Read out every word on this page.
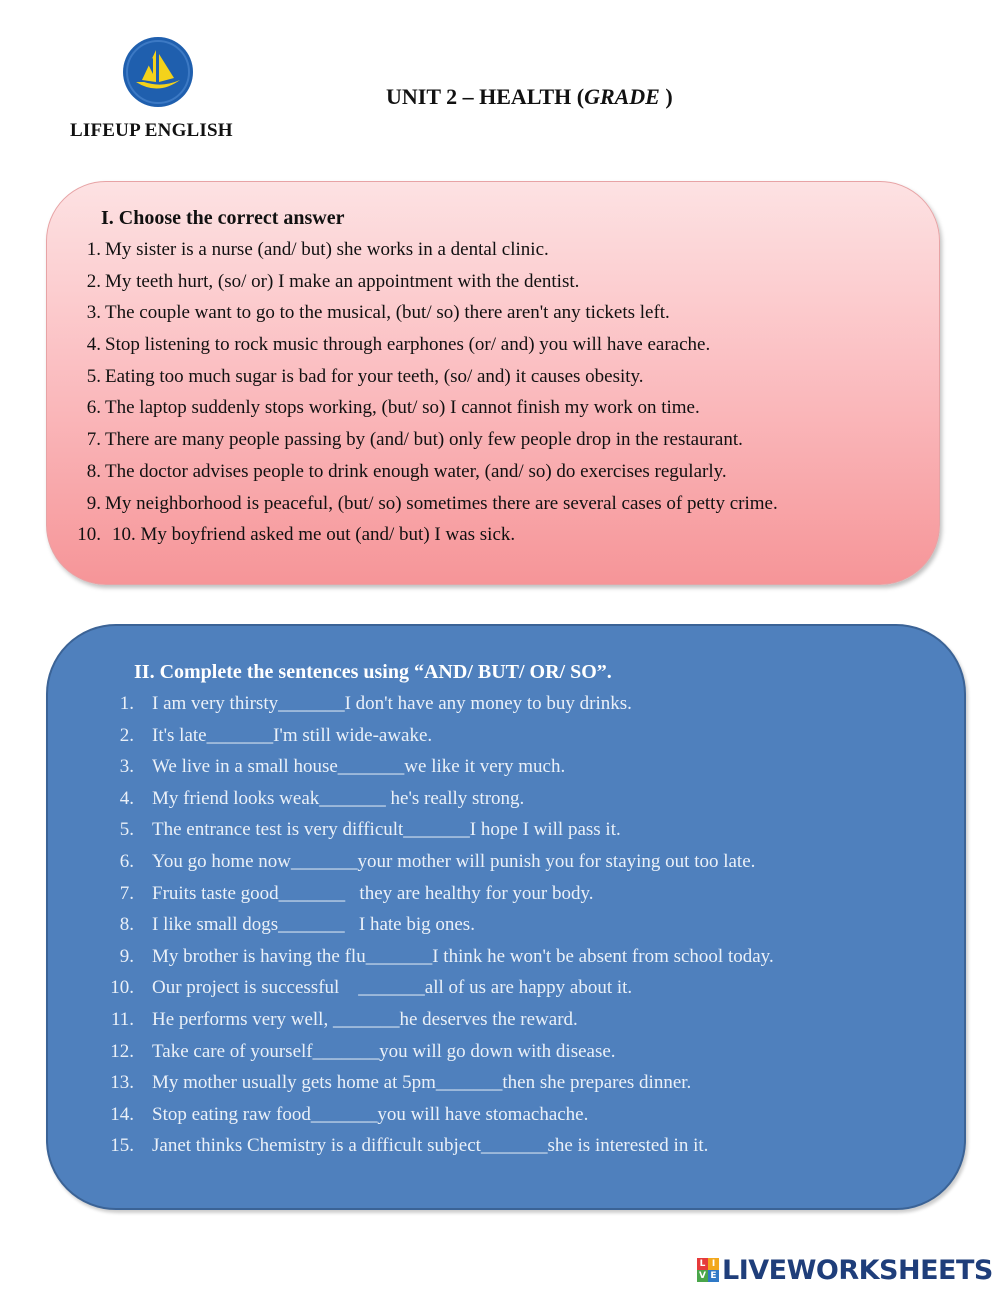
LIFEUP ENGLISH
UNIT 2 – HEALTH (GRADE )
I. Choose the correct answer
1. My sister is a nurse (and/ but) she works in a dental clinic.
2. My teeth hurt, (so/ or) I make an appointment with the dentist.
3. The couple want to go to the musical, (but/ so) there aren't any tickets left.
4. Stop listening to rock music through earphones (or/ and) you will have earache.
5. Eating too much sugar is bad for your teeth, (so/ and) it causes obesity.
6. The laptop suddenly stops working, (but/ so) I cannot finish my work on time.
7. There are many people passing by (and/ but) only few people drop in the restaurant.
8. The doctor advises people to drink enough water, (and/ so) do exercises regularly.
9. My neighborhood is peaceful, (but/ so) sometimes there are several cases of petty crime.
10. 10. My boyfriend asked me out (and/ but) I was sick.
II. Complete the sentences using “AND/ BUT/ OR/ SO”.
1. I am very thirsty_______I don't have any money to buy drinks.
2. It's late_______I'm still wide-awake.
3. We live in a small house_______we like it very much.
4. My friend looks weak_______ he's really strong.
5. The entrance test is very difficult_______I hope I will pass it.
6. You go home now_______your mother will punish you for staying out too late.
7. Fruits taste good_______   they are healthy for your body.
8. I like small dogs_______   I hate big ones.
9. My brother is having the flu_______I think he won't be absent from school today.
10. Our project is successful    _______all of us are happy about it.
11. He performs very well, _______he deserves the reward.
12. Take care of yourself_______you will go down with disease.
13. My mother usually gets home at 5pm_______then she prepares dinner.
14. Stop eating raw food_______you will have stomachache.
15. Janet thinks Chemistry is a difficult subject_______she is interested in it.
L I
V E LIVEWORKSHEETS
